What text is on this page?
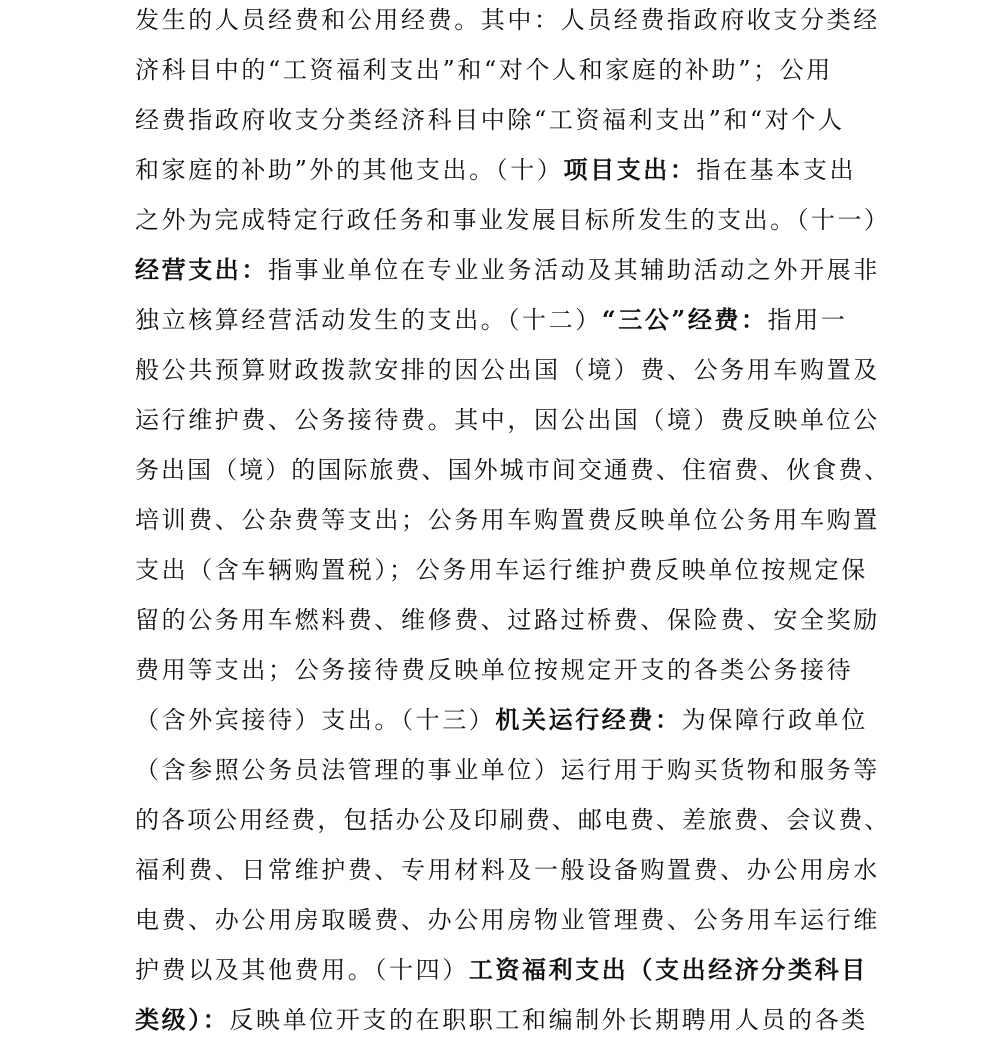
发生的人员经费和公用经费。其中：人员经费指政府收支分类经
济科目中的“工资福利支出”和“对个人和家庭的补助”；公用
经费指政府收支分类经济科目中除“工资福利支出”和“对个人
和家庭的补助”外的其他支出。（十）项目支出：指在基本支出
之外为完成特定行政任务和事业发展目标所发生的支出。（十一）
经营支出：指事业单位在专业业务活动及其辅助活动之外开展非
独立核算经营活动发生的支出。（十二）“三公”经费：指用一
般公共预算财政拨款安排的因公出国（境）费、公务用车购置及
运行维护费、公务接待费。其中，因公出国（境）费反映单位公
务出国（境）的国际旅费、国外城市间交通费、住宿费、伙食费、
培训费、公杂费等支出；公务用车购置费反映单位公务用车购置
支出（含车辆购置税）；公务用车运行维护费反映单位按规定保
留的公务用车燃料费、维修费、过路过桥费、保险费、安全奖励
费用等支出；公务接待费反映单位按规定开支的各类公务接待
（含外宾接待）支出。（十三）机关运行经费：为保障行政单位
（含参照公务员法管理的事业单位）运行用于购买货物和服务等
的各项公用经费，包括办公及印刷费、邮电费、差旅费、会议费、
福利费、日常维护费、专用材料及一般设备购置费、办公用房水
电费、办公用房取暖费、办公用房物业管理费、公务用车运行维
护费以及其他费用。（十四）工资福利支出（支出经济分类科目
类级）：反映单位开支的在职职工和编制外长期聘用人员的各类
